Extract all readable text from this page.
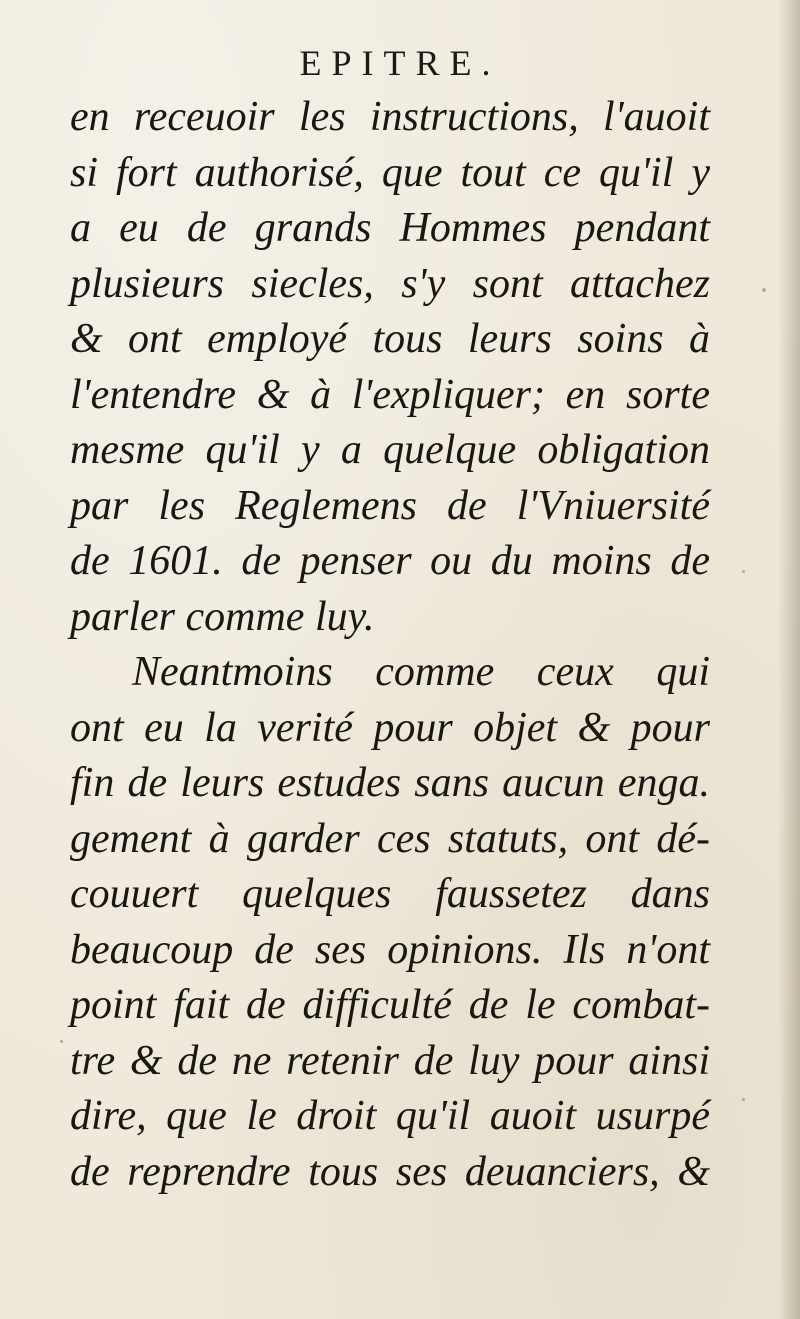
EPITRE.
en receuoir les instructions, l'auoit
si fort authorisé, que tout ce qu'il y
a eu de grands Hommes pendant
plusieurs siecles, s'y sont attachez
& ont employé tous leurs soins à
l'entendre & à l'expliquer; en sorte
mesme qu'il y a quelque obligation
par les Reglemens de l'Vniuersité
de 1601. de penser ou du moins de
parler comme luy.
Neantmoins comme ceux qui
ont eu la verité pour objet & pour
fin de leurs estudes sans aucun enga.
gement à garder ces statuts, ont dé-
couuert quelques faussetez dans
beaucoup de ses opinions. Ils n'ont
point fait de difficulté de le combat-
tre & de ne retenir de luy pour ainsi
dire, que le droit qu'il auoit usurpé
de reprendre tous ses deuanciers, &
